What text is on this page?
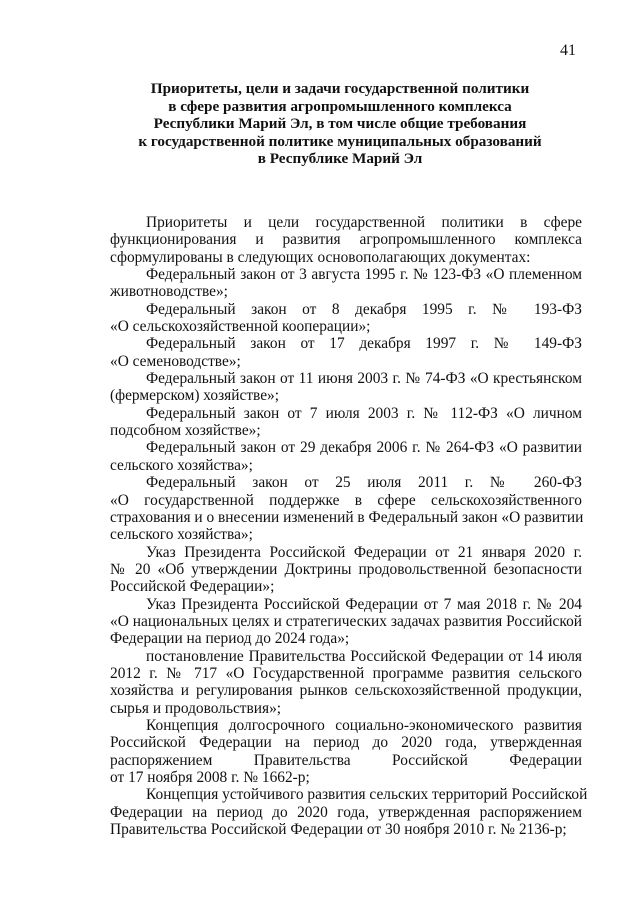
41
Приоритеты, цели и задачи государственной политики
в сфере развития агропромышленного комплекса
Республики Марий Эл, в том числе общие требования
к государственной политике муниципальных образований
в Республике Марий Эл
Приоритеты и цели государственной политики в сфере
функционирования и развития агропромышленного комплекса
сформулированы в следующих основополагающих документах:
Федеральный закон от 3 августа 1995 г. № 123-ФЗ «О племенном
животноводстве»;
Федеральный закон от 8 декабря 1995 г. № 193-ФЗ
«О сельскохозяйственной кооперации»;
Федеральный закон от 17 декабря 1997 г. № 149-ФЗ
«О семеноводстве»;
Федеральный закон от 11 июня 2003 г. № 74-ФЗ «О крестьянском
(фермерском) хозяйстве»;
Федеральный закон от 7 июля 2003 г. № 112-ФЗ «О личном
подсобном хозяйстве»;
Федеральный закон от 29 декабря 2006 г. № 264-ФЗ «О развитии
сельского хозяйства»;
Федеральный закон от 25 июля 2011 г. № 260-ФЗ
«О государственной поддержке в сфере сельскохозяйственного
страхования и о внесении изменений в Федеральный закон «О развитии
сельского хозяйства»;
Указ Президента Российской Федерации от 21 января 2020 г.
№ 20 «Об утверждении Доктрины продовольственной безопасности
Российской Федерации»;
Указ Президента Российской Федерации от 7 мая 2018 г. № 204
«О национальных целях и стратегических задачах развития Российской
Федерации на период до 2024 года»;
постановление Правительства Российской Федерации от 14 июля
2012 г. № 717 «О Государственной программе развития сельского
хозяйства и регулирования рынков сельскохозяйственной продукции,
сырья и продовольствия»;
Концепция долгосрочного социально-экономического развития
Российской Федерации на период до 2020 года, утвержденная
распоряжением Правительства Российской Федерации
от 17 ноября 2008 г. № 1662-р;
Концепция устойчивого развития сельских территорий Российской
Федерации на период до 2020 года, утвержденная распоряжением
Правительства Российской Федерации от 30 ноября 2010 г. № 2136-р;
